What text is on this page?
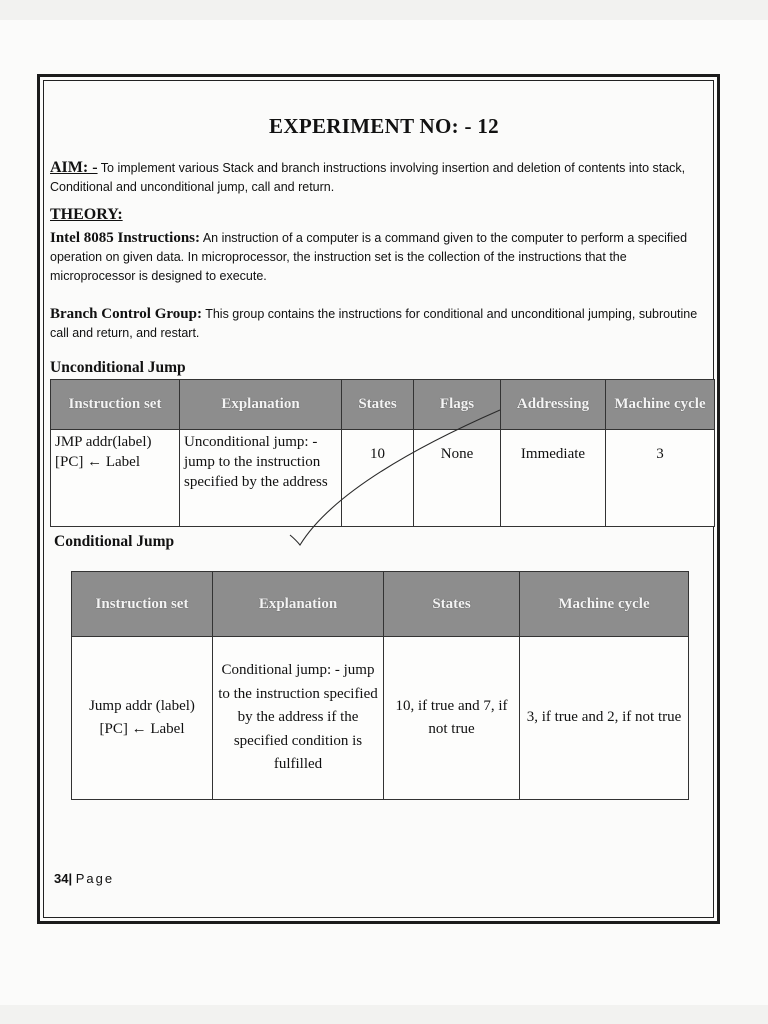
EXPERIMENT NO: - 12
AIM: - To implement various Stack and branch instructions involving insertion and deletion of contents into stack, Conditional and unconditional jump, call and return.
THEORY:
Intel 8085 Instructions: An instruction of a computer is a command given to the computer to perform a specified operation on given data. In microprocessor, the instruction set is the collection of the instructions that the microprocessor is designed to execute.
Branch Control Group: This group contains the instructions for conditional and unconditional jumping, subroutine call and return, and restart.
Unconditional Jump
Instruction set	Explanation	States	Flags	Addressing	Machine cycle
JMP addr(label) [PC] ← Label	Unconditional jump: - jump to the instruction specified by the address	10	None	Immediate	3
Conditional Jump
Instruction set	Explanation	States	Machine cycle
Jump addr (label) [PC] ← Label	Conditional jump: - jump to the instruction specified by the address if the specified condition is fulfilled	10, if true and 7, if not true	3, if true and 2, if not true
34| Page
